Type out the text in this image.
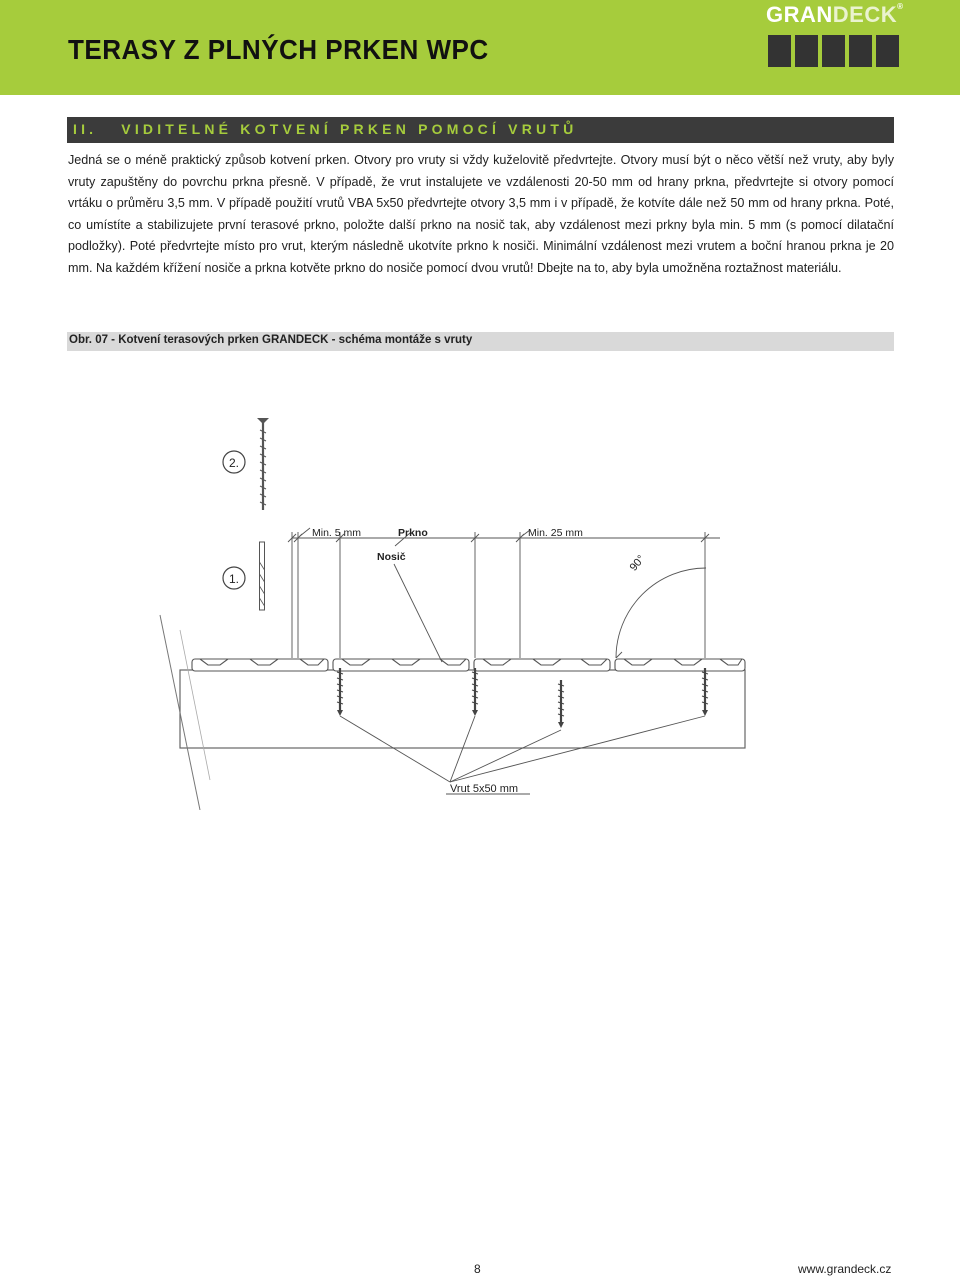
TERASY Z PLNÝCH PRKEN WPC
GRANDECK®
II. VIDITELNÉ KOTVENÍ PRKEN POMOCÍ VRUTŮ
Jedná se o méně praktický způsob kotvení prken. Otvory pro vruty si vždy kuželovitě předvrtejte. Otvory musí být o něco větší než vruty, aby byly vruty zapuštěny do povrchu prkna přesně. V případě, že vrut instalujete ve vzdálenosti 20-50 mm od hrany prkna, předvrtejte si otvory pomocí vrtáku o průměru 3,5 mm. V případě použití vrutů VBA 5x50 předvrtejte otvory 3,5 mm i v případě, že kotvíte dále než 50 mm od hrany prkna. Poté, co umístíte a stabilizujete první terasové prkno, položte další prkno na nosič tak, aby vzdálenost mezi prkny byla min. 5 mm (s pomocí dilatační podložky). Poté předvrtejte místo pro vrut, kterým následně ukotvíte prkno k nosiči. Minimální vzdálenost mezi vrutem a boční hranou prkna je 20 mm. Na každém křížení nosiče a prkna kotvěte prkno do nosiče pomocí dvou vrutů! Dbejte na to, aby byla umožněna roztažnost materiálu.
Obr. 07 - Kotvení terasových prken GRANDECK - schéma montáže s vruty
2.
1.
Min. 5 mm	Prkno	Min. 25 mm
Nosič	90°
Vrut 5x50 mm
8	www.grandeck.cz
